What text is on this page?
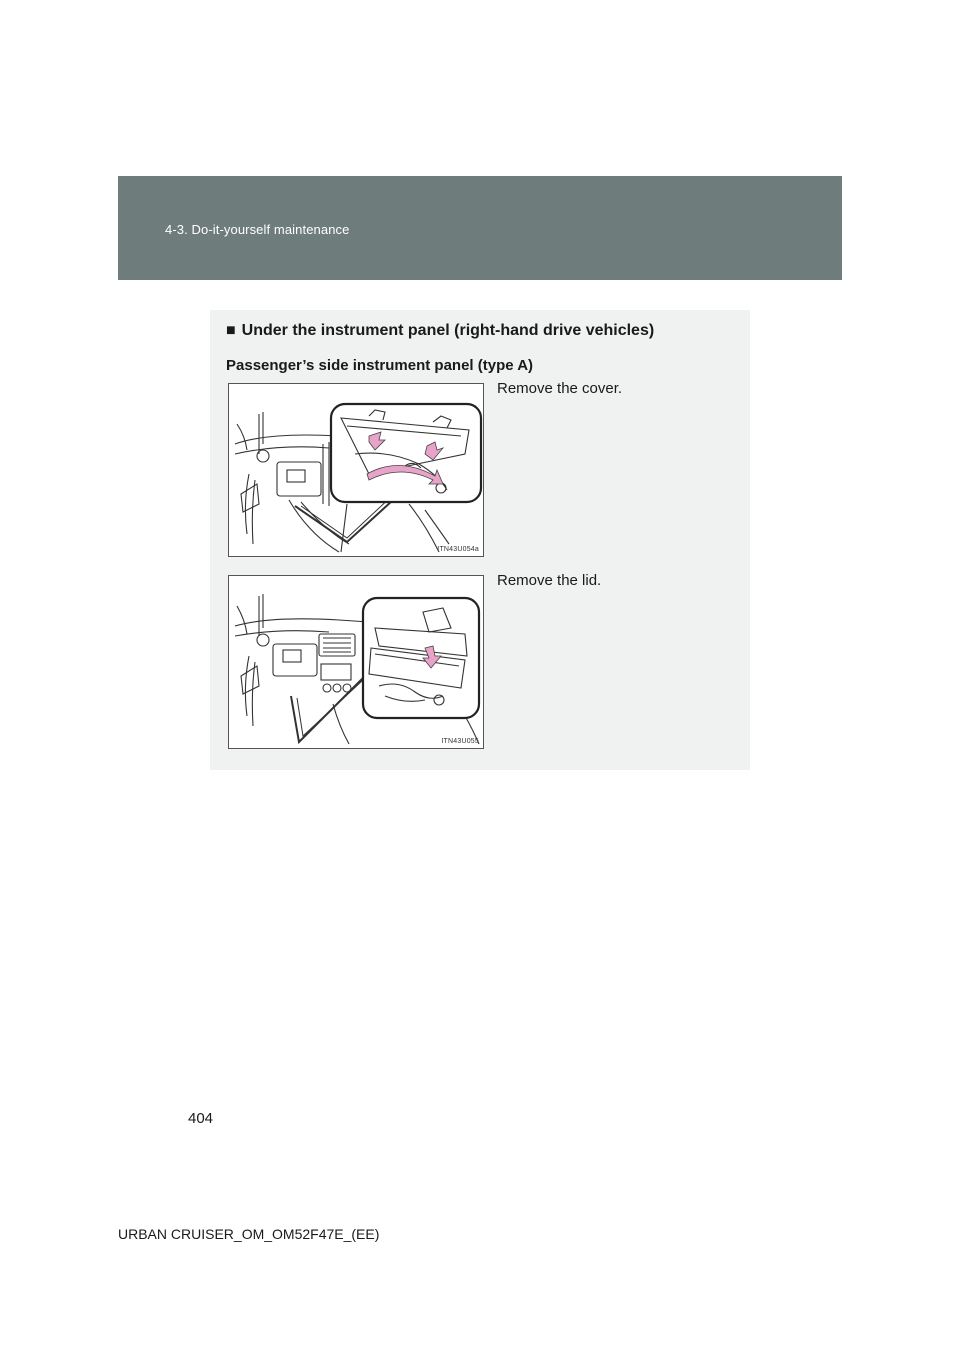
4-3. Do-it-yourself maintenance
■ Under the instrument panel (right-hand drive vehicles)
Passenger’s side instrument panel (type A)
ITN43U054a
Remove the cover.
ITN43U055
Remove the lid.
404
URBAN CRUISER_OM_OM52F47E_(EE)
